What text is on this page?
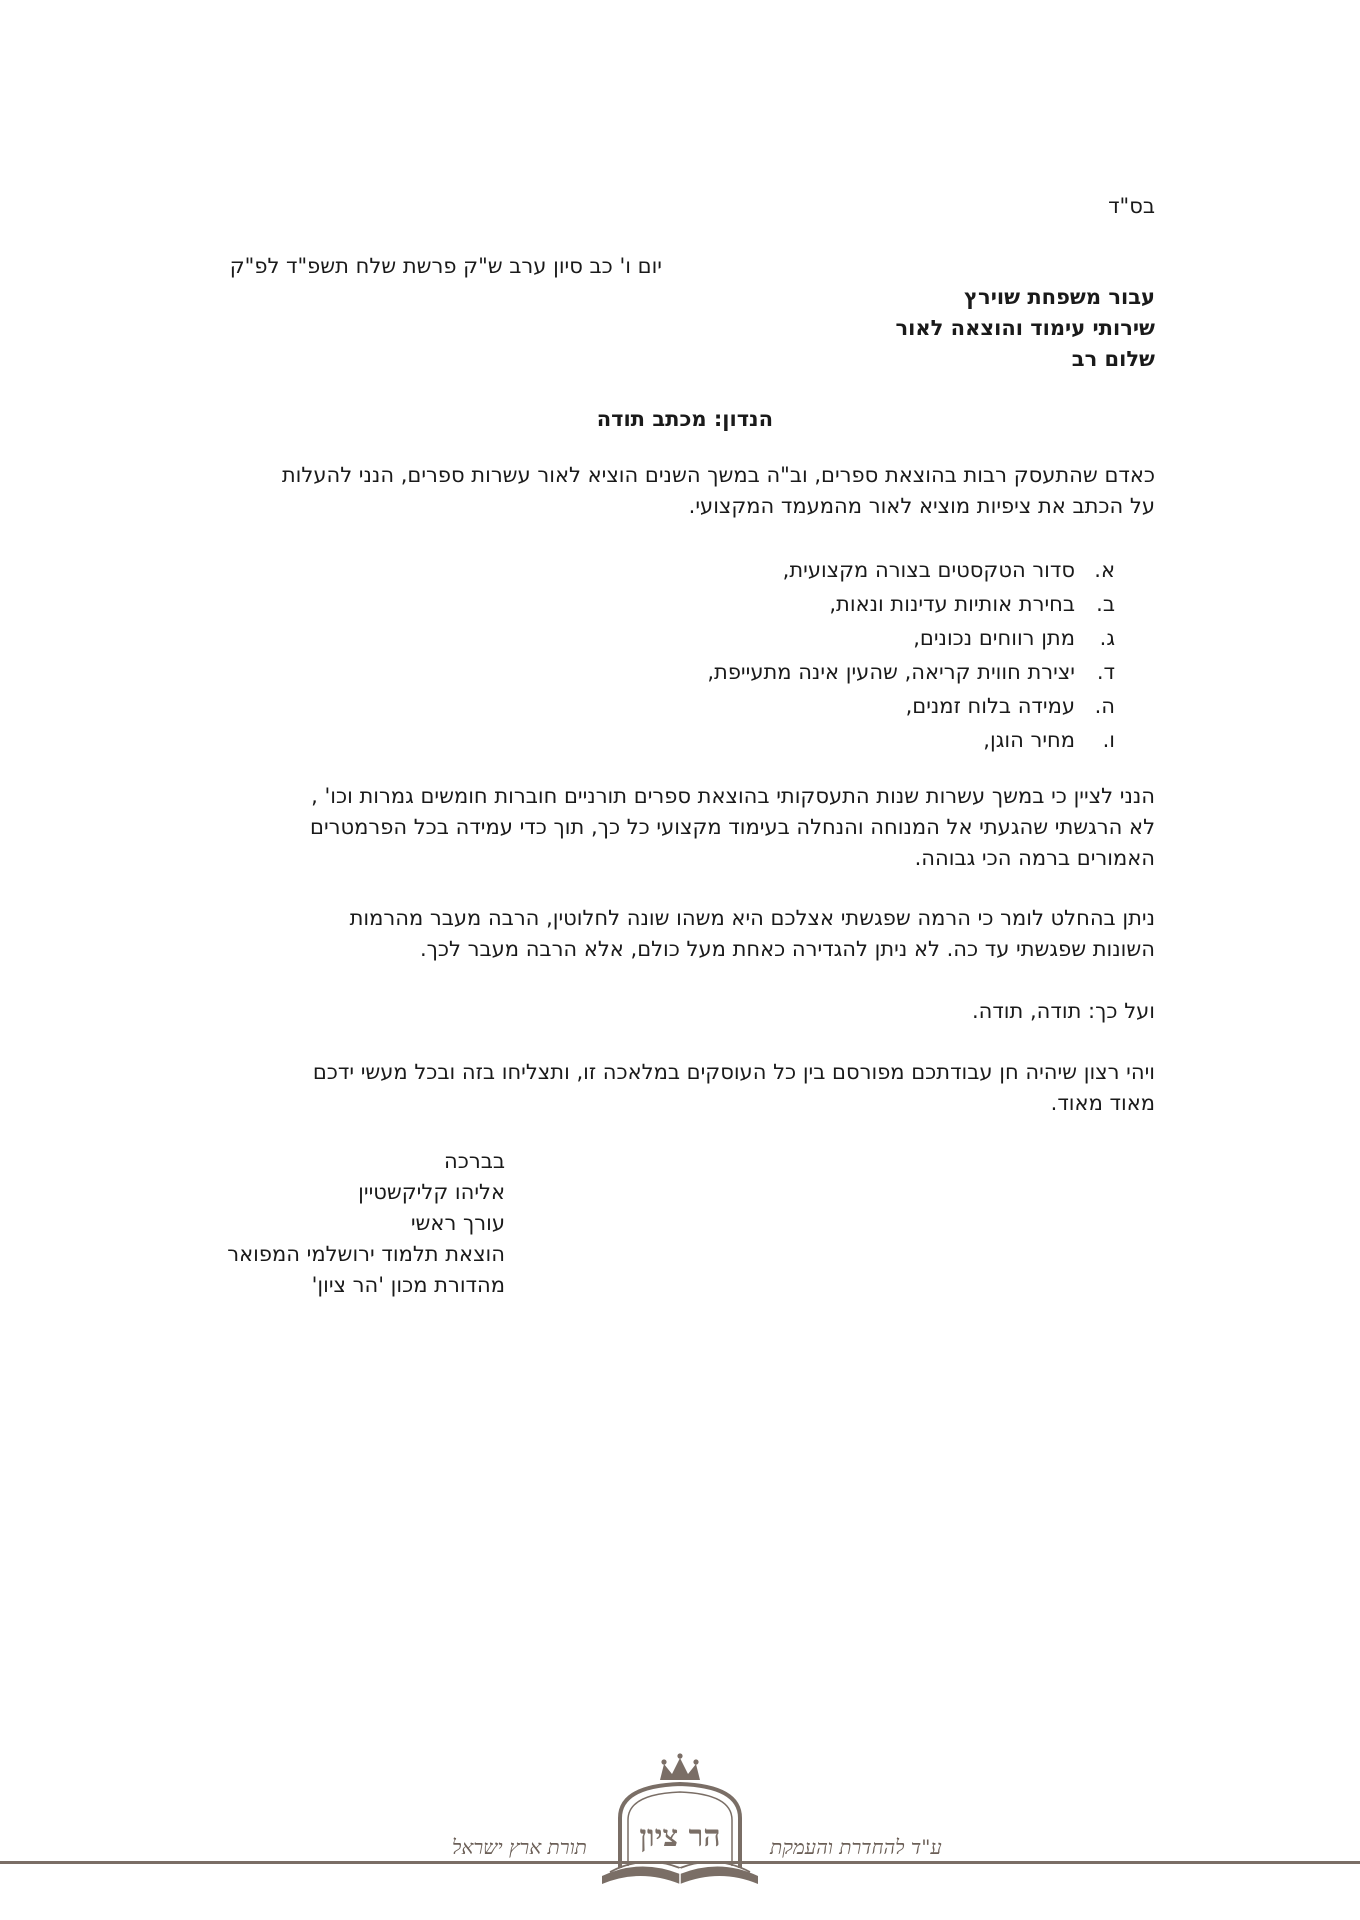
בס"ד
יום ו' כב סיון ערב ש"ק פרשת שלח תשפ"ד לפ"ק
עבור משפחת שוירץ
שירותי עימוד והוצאה לאור
שלום רב
הנדון: מכתב תודה
כאדם שהתעסק רבות בהוצאת ספרים, וב"ה במשך השנים הוציא לאור עשרות ספרים, הנני להעלות
על הכתב את ציפיות מוציא לאור מהמעמד המקצועי.
א.
סדור הטקסטים בצורה מקצועית,
ב.
בחירת אותיות עדינות ונאות,
ג.
מתן רווחים נכונים,
ד.
יצירת חווית קריאה, שהעין אינה מתעייפת,
ה.
עמידה בלוח זמנים,
ו.
מחיר הוגן,
הנני לציין כי במשך עשרות שנות התעסקותי בהוצאת ספרים תורניים חוברות חומשים גמרות וכו' ,
לא הרגשתי שהגעתי אל המנוחה והנחלה בעימוד מקצועי כל כך, תוך כדי עמידה בכל הפרמטרים
האמורים ברמה הכי גבוהה.
ניתן בהחלט לומר כי הרמה שפגשתי אצלכם היא משהו שונה לחלוטין, הרבה מעבר מהרמות
השונות שפגשתי עד כה. לא ניתן להגדירה כאחת מעל כולם, אלא הרבה מעבר לכך.
ועל כך: תודה, תודה.
ויהי רצון שיהיה חן עבודתכם מפורסם בין כל העוסקים במלאכה זו, ותצליחו בזה ובכל מעשי ידכם
מאוד מאוד.
בברכה
אליהו קליקשטיין
עורך ראשי
הוצאת תלמוד ירושלמי המפואר
מהדורת מכון 'הר ציון'
ע"ד להחדרת והעמקת
תורת ארץ ישראל הר ציון
